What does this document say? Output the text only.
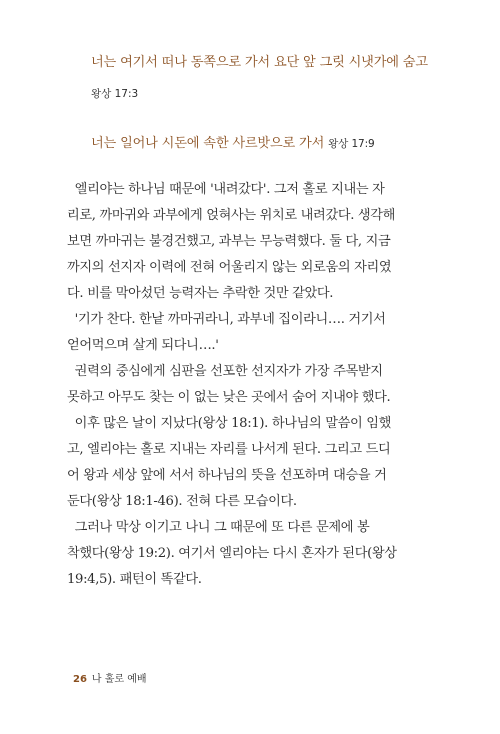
너는 여기서 떠나 동쪽으로 가서 요단 앞 그릿 시냇가에 숨고
왕상 17:3
너는 일어나 시돈에 속한 사르밧으로 가서 왕상 17:9
엘리야는 하나님 때문에 '내려갔다'. 그저 홀로 지내는 자
리로, 까마귀와 과부에게 얹혀사는 위치로 내려갔다. 생각해
보면 까마귀는 불경건했고, 과부는 무능력했다. 둘 다, 지금
까지의 선지자 이력에 전혀 어울리지 않는 외로움의 자리였
다. 비를 막아섰던 능력자는 추락한 것만 같았다.
'기가 찬다. 한낱 까마귀라니, 과부네 집이라니…. 거기서
얻어먹으며 살게 되다니….'
권력의 중심에게 심판을 선포한 선지자가 가장 주목받지
못하고 아무도 찾는 이 없는 낮은 곳에서 숨어 지내야 했다.
이후 많은 날이 지났다(왕상 18:1). 하나님의 말씀이 임했
고, 엘리야는 홀로 지내는 자리를 나서게 된다. 그리고 드디
어 왕과 세상 앞에 서서 하나님의 뜻을 선포하며 대승을 거
둔다(왕상 18:1-46). 전혀 다른 모습이다.
그러나 막상 이기고 나니 그 때문에 또 다른 문제에 봉
착했다(왕상 19:2). 여기서 엘리야는 다시 혼자가 된다(왕상
19:4,5). 패턴이 똑같다.
26 나 홀로 예배
